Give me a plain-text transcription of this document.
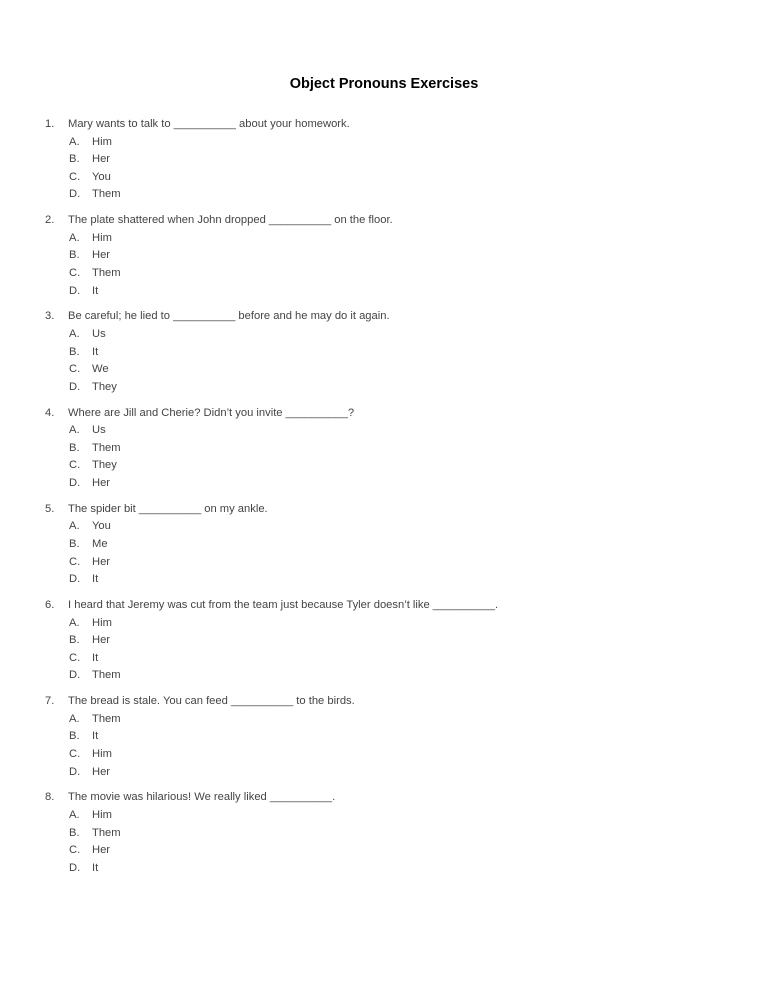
Object Pronouns Exercises
1. Mary wants to talk to __________ about your homework.
A. Him
B. Her
C. You
D. Them
2. The plate shattered when John dropped __________ on the floor.
A. Him
B. Her
C. Them
D. It
3. Be careful; he lied to __________ before and he may do it again.
A. Us
B. It
C. We
D. They
4. Where are Jill and Cherie? Didn’t you invite __________?
A. Us
B. Them
C. They
D. Her
5. The spider bit __________ on my ankle.
A. You
B. Me
C. Her
D. It
6. I heard that Jeremy was cut from the team just because Tyler doesn’t like __________.
A. Him
B. Her
C. It
D. Them
7. The bread is stale. You can feed __________ to the birds.
A. Them
B. It
C. Him
D. Her
8. The movie was hilarious! We really liked __________.
A. Him
B. Them
C. Her
D. It
